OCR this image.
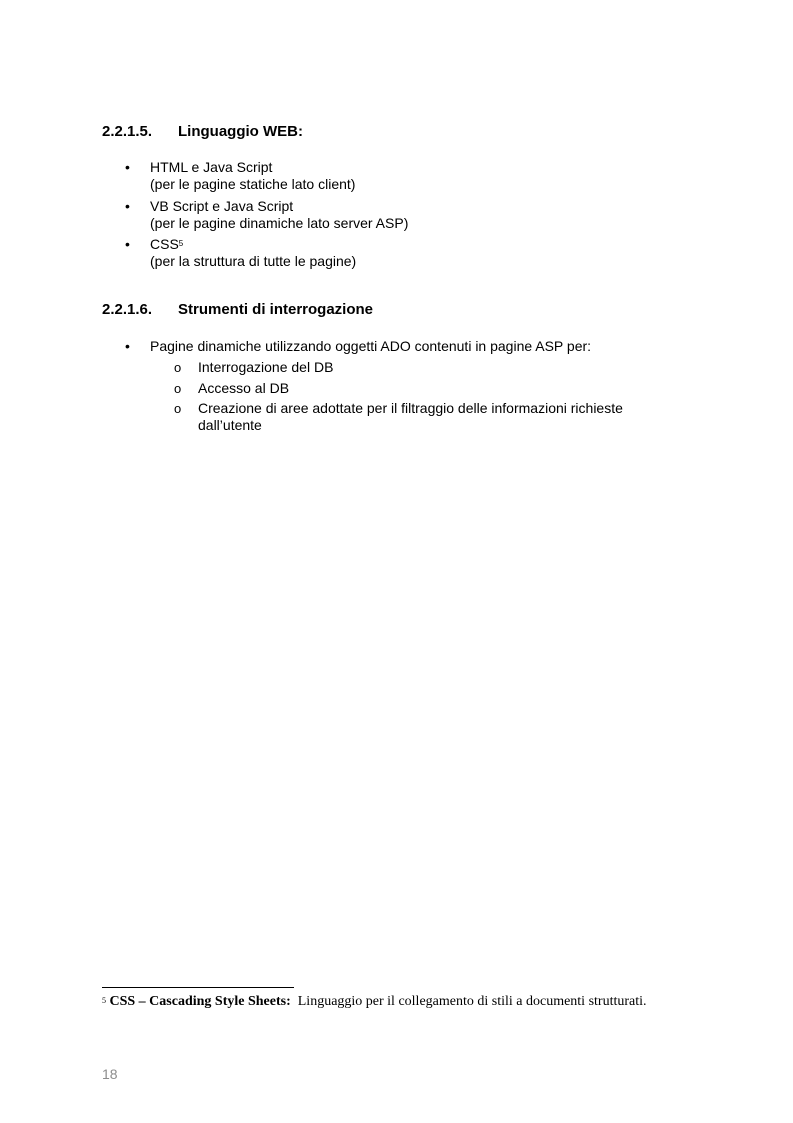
2.2.1.5. Linguaggio WEB:
• HTML e Java Script
(per le pagine statiche lato client)
• VB Script e Java Script
(per le pagine dinamiche lato server ASP)
• CSS$^5$
(per la struttura di tutte le pagine)
2.2.1.6. Strumenti di interrogazione
• Pagine dinamiche utilizzando oggetti ADO contenuti in pagine ASP per:
o Interrogazione del DB
o Accesso al DB
o Creazione di aree adottate per il filtraggio delle informazioni richieste dall’utente
$^5$ CSS – Cascading Style Sheets: Linguaggio per il collegamento di stili a documenti strutturati.
18
